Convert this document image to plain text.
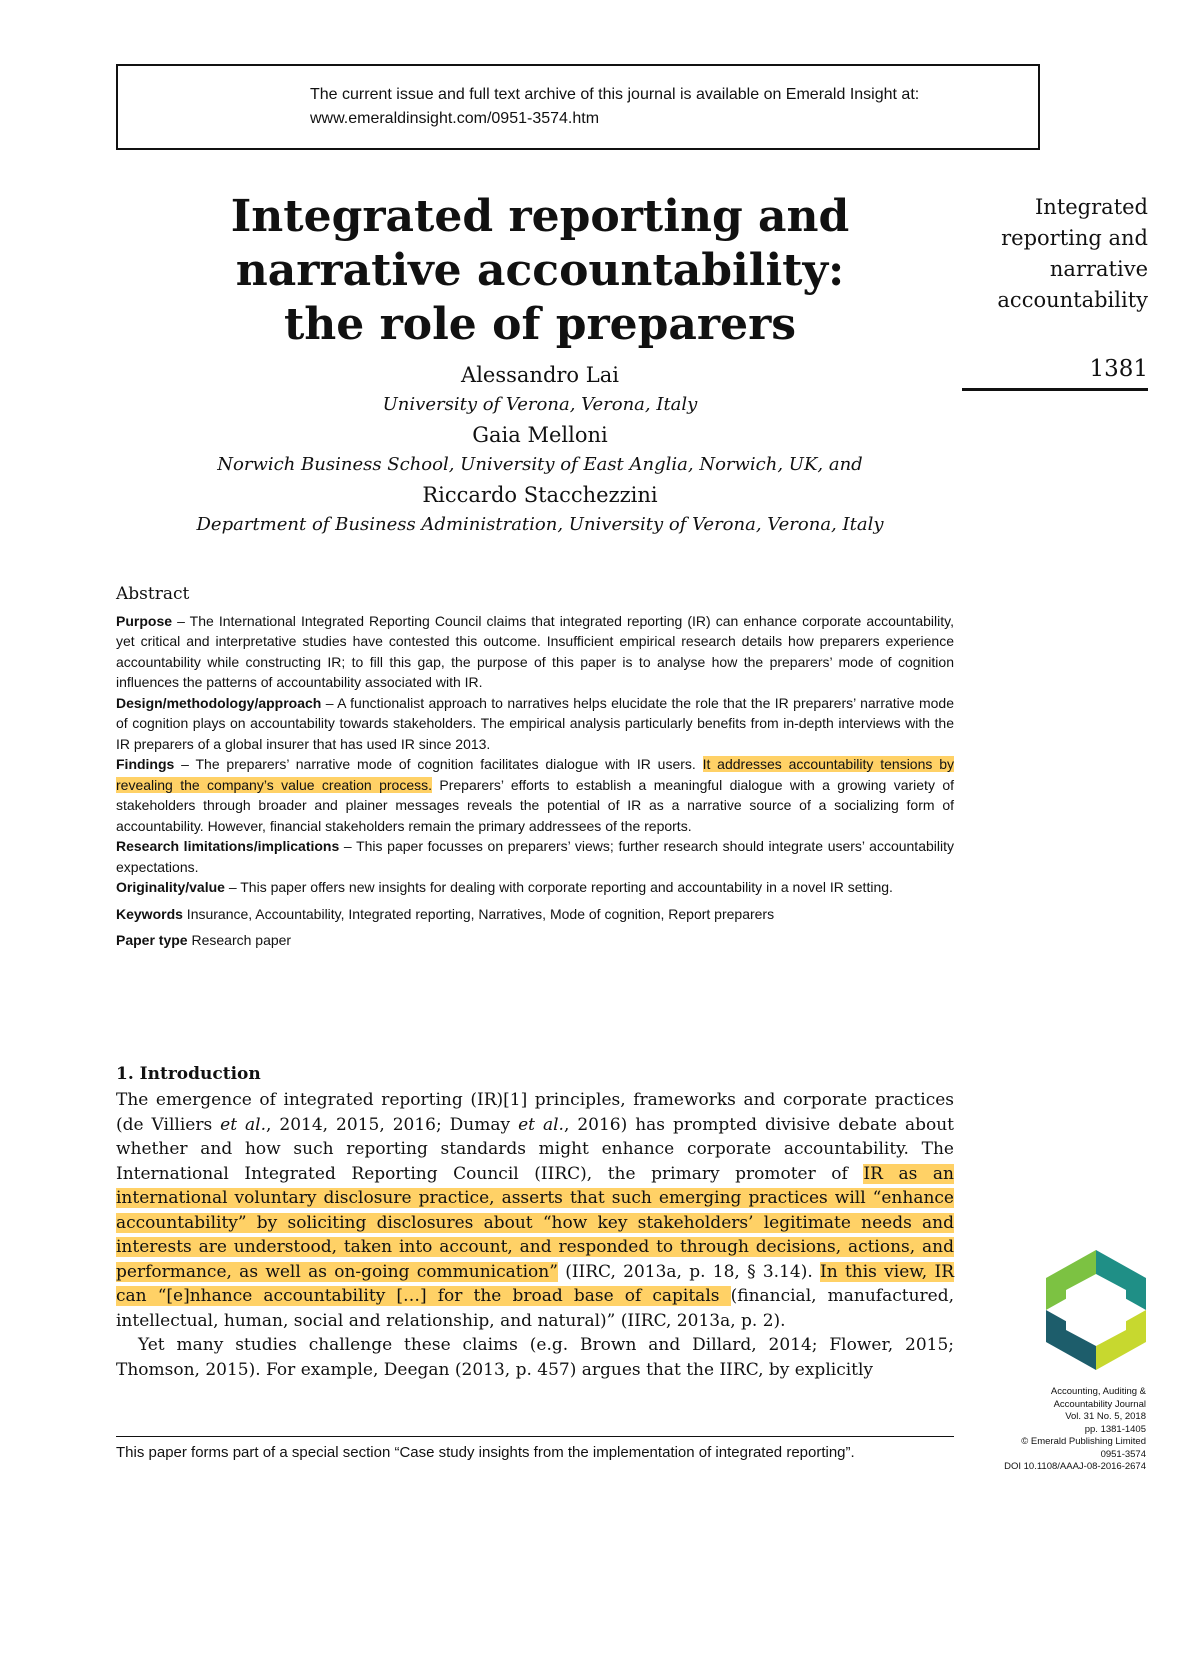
The current issue and full text archive of this journal is available on Emerald Insight at:
www.emeraldinsight.com/0951-3574.htm
Integrated reporting and
narrative accountability:
the role of preparers
Alessandro Lai
University of Verona, Verona, Italy
Gaia Melloni
Norwich Business School, University of East Anglia, Norwich, UK, and
Riccardo Stacchezzini
Department of Business Administration, University of Verona, Verona, Italy
Integrated
reporting and
narrative
accountability
1381
Abstract

Purpose – The International Integrated Reporting Council claims that integrated reporting (IR) can enhance corporate accountability, yet critical and interpretative studies have contested this outcome. Insufficient empirical research details how preparers experience accountability while constructing IR; to fill this gap, the purpose of this paper is to analyse how the preparers’ mode of cognition influences the patterns of accountability associated with IR.

Design/methodology/approach – A functionalist approach to narratives helps elucidate the role that the IR preparers’ narrative mode of cognition plays on accountability towards stakeholders. The empirical analysis particularly benefits from in-depth interviews with the IR preparers of a global insurer that has used IR since 2013.

Findings – The preparers’ narrative mode of cognition facilitates dialogue with IR users. It addresses accountability tensions by revealing the company’s value creation process. Preparers’ efforts to establish a meaningful dialogue with a growing variety of stakeholders through broader and plainer messages reveals the potential of IR as a narrative source of a socializing form of accountability. However, financial stakeholders remain the primary addressees of the reports.

Research limitations/implications – This paper focusses on preparers’ views; further research should integrate users’ accountability expectations.

Originality/value – This paper offers new insights for dealing with corporate reporting and accountability in a novel IR setting.

Keywords Insurance, Accountability, Integrated reporting, Narratives, Mode of cognition, Report preparers

Paper type Research paper

1. Introduction

The emergence of integrated reporting (IR)[1] principles, frameworks and corporate practices (de Villiers et al., 2014, 2015, 2016; Dumay et al., 2016) has prompted divisive debate about whether and how such reporting standards might enhance corporate accountability. The International Integrated Reporting Council (IIRC), the primary promoter of IR as an international voluntary disclosure practice, asserts that such emerging practices will “enhance accountability” by soliciting disclosures about “how key stakeholders’ legitimate needs and interests are understood, taken into account, and responded to through decisions, actions, and performance, as well as on-going communication” (IIRC, 2013a, p. 18, § 3.14). In this view, IR can “[e]nhance accountability […] for the broad base of capitals (financial, manufactured, intellectual, human, social and relationship, and natural)” (IIRC, 2013a, p. 2).

Yet many studies challenge these claims (e.g. Brown and Dillard, 2014; Flower, 2015; Thomson, 2015). For example, Deegan (2013, p. 457) argues that the IIRC, by explicitly

Accounting, Auditing &
Accountability Journal
Vol. 31 No. 5, 2018
pp. 1381-1405
© Emerald Publishing Limited
0951-3574
DOI 10.1108/AAAJ-08-2016-2674
This paper forms part of a special section “Case study insights from the implementation of integrated reporting”.
